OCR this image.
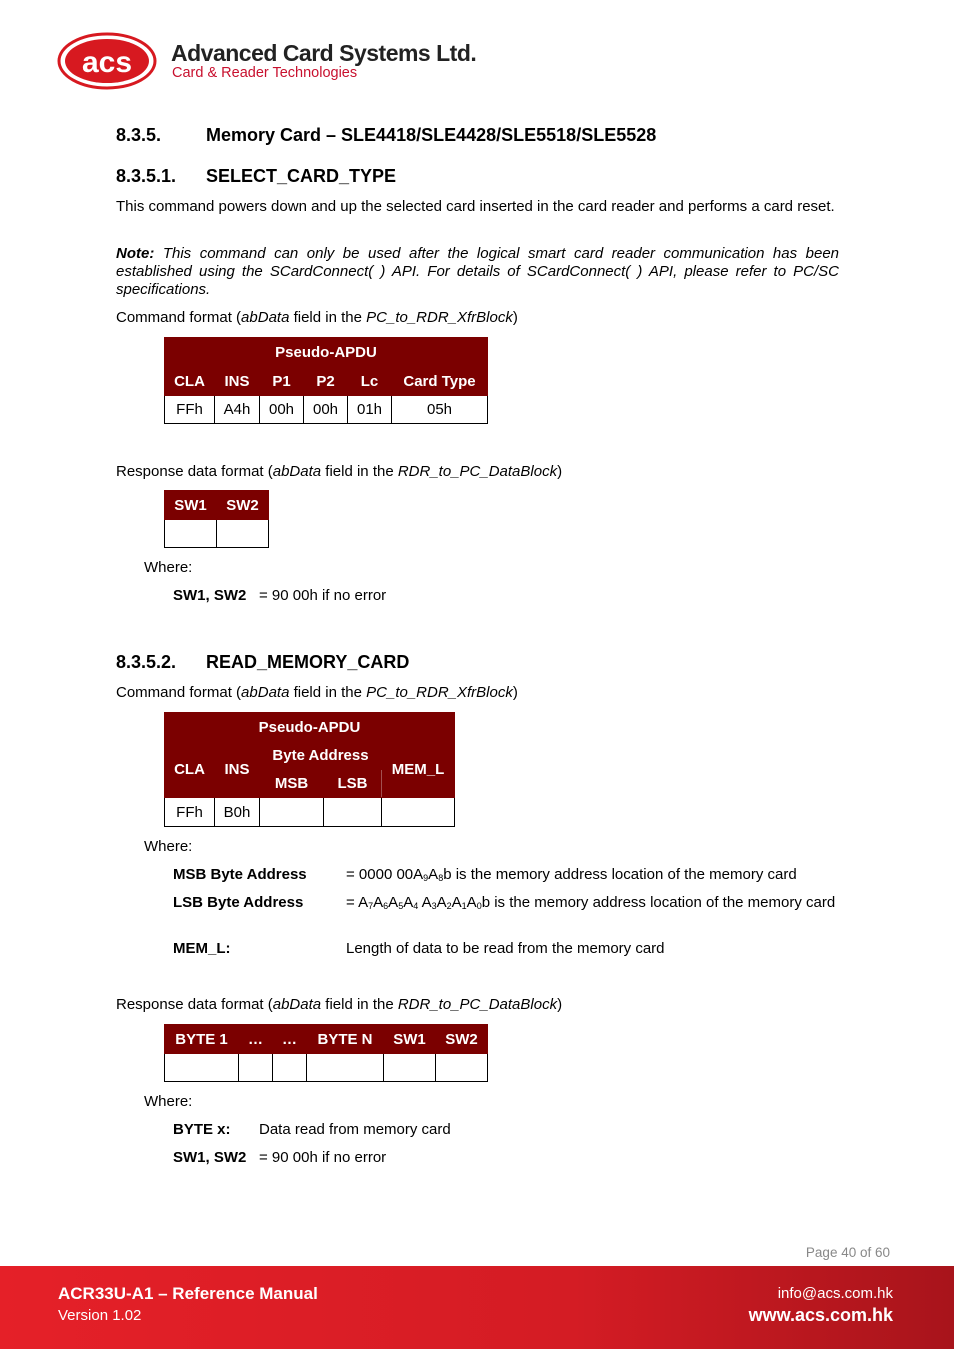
acs Advanced Card Systems Ltd.
Card & Reader Technologies
8.3.5. Memory Card – SLE4418/SLE4428/SLE5518/SLE5528
8.3.5.1. SELECT_CARD_TYPE

This command powers down and up the selected card inserted in the card reader and performs a card reset.

Note: This command can only be used after the logical smart card reader communication has been established using the SCardConnect( ) API. For details of SCardConnect( ) API, please refer to PC/SC specifications.

Command format (abData field in the PC_to_RDR_XfrBlock)

Pseudo-APDU					
CLA	INS	P1	P2	Lc	Card Type
FFh	A4h	00h	00h	01h	05h

Response data format (abData field in the RDR_to_PC_DataBlock)

SW1	SW2

Where:

SW1, SW2 = 90 00h if no error

8.3.5.2. READ_MEMORY_CARD

Command format (abData field in the PC_to_RDR_XfrBlock)

Pseudo-APDU				
CLA	INS	Byte Address		MEM_L
		MSB	LSB	
FFh	B0h			

Where:

MSB Byte Address	= 0000 $00A_9A_8b$ is the memory address location of the memory card

LSB Byte Address	= $A_7A_6A_5A_4$ $A_3A_2A_1A_0b$ is the memory address location of the memory card

MEM_L:	Length of data to be read from the memory card

Response data format (abData field in the RDR_to_PC_DataBlock)

BYTE 1	…	…	BYTE N	SW1	SW2

Where:

BYTE x: Data read from memory card

SW1, SW2 = 90 00h if no error

Page 40 of 60
ACR33U-A1 – Reference Manual
Version 1.02
info@acs.com.hk
www.acs.com.hk
